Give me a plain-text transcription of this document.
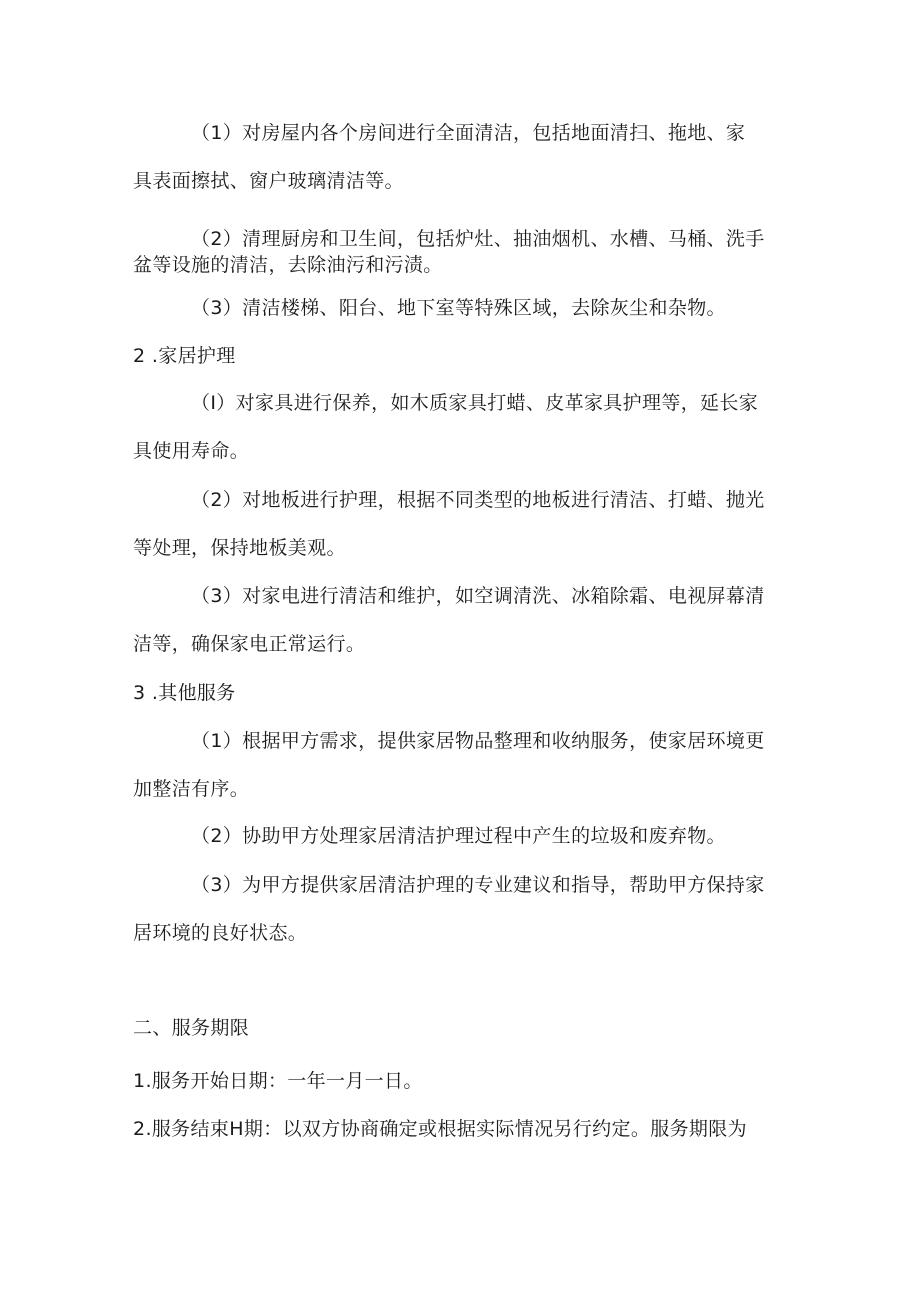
（1）对房屋内各个房间进行全面清洁，包括地面清扫、拖地、家
具表面擦拭、窗户玻璃清洁等。
（2）清理厨房和卫生间，包括炉灶、抽油烟机、水槽、马桶、洗手
盆等设施的清洁，去除油污和污渍。
（3）清洁楼梯、阳台、地下室等特殊区域，去除灰尘和杂物。
2 .家居护理
（I）对家具进行保养，如木质家具打蜡、皮革家具护理等，延长家
具使用寿命。
（2）对地板进行护理，根据不同类型的地板进行清洁、打蜡、抛光
等处理，保持地板美观。
（3）对家电进行清洁和维护，如空调清洗、冰箱除霜、电视屏幕清
洁等，确保家电正常运行。
3 .其他服务
（1）根据甲方需求，提供家居物品整理和收纳服务，使家居环境更
加整洁有序。
（2）协助甲方处理家居清洁护理过程中产生的垃圾和废弃物。
（3）为甲方提供家居清洁护理的专业建议和指导，帮助甲方保持家
居环境的良好状态。
二、服务期限
1.服务开始日期：一年一月一日。
2.服务结束H期：以双方协商确定或根据实际情况另行约定。服务期限为
